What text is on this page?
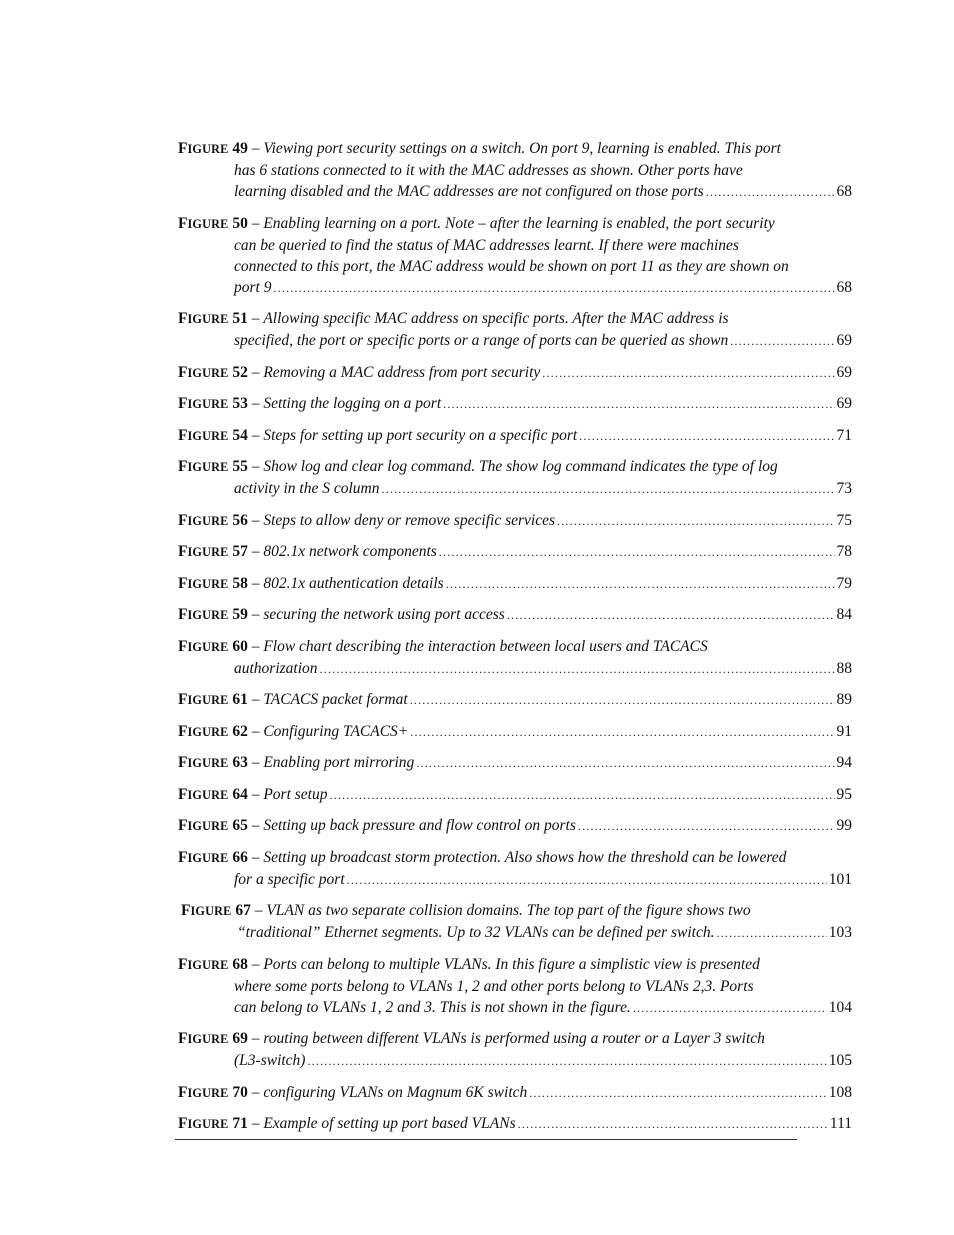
FIGURE 49 – Viewing port security settings on a switch. On port 9, learning is enabled. This port
has 6 stations connected to it with the MAC addresses as shown. Other ports have
learning disabled and the MAC addresses are not configured on those ports .....	68
FIGURE 50 – Enabling learning on a port. Note – after the learning is enabled, the port security
can be queried to find the status of MAC addresses learnt. If there were machines
connected to this port, the MAC address would be shown on port 11 as they are shown on
port 9 .....	68
FIGURE 51 – Allowing specific MAC address on specific ports. After the MAC address is
specified, the port or specific ports or a range of ports can be queried as shown .....	69
FIGURE 52 – Removing a MAC address from port security .....	69
FIGURE 53 – Setting the logging on a port .....	69
FIGURE 54 – Steps for setting up port security on a specific port .....	71
FIGURE 55 – Show log and clear log command. The show log command indicates the type of log
activity in the S column .....	73
FIGURE 56 – Steps to allow deny or remove specific services .....	75
FIGURE 57 – 802.1x network components .....	78
FIGURE 58 – 802.1x authentication details .....	79
FIGURE 59 – securing the network using port access .....	84
FIGURE 60 – Flow chart describing the interaction between local users and TACACS
authorization .....	88
FIGURE 61 – TACACS packet format .....	89
FIGURE 62 – Configuring TACACS+ .....	91
FIGURE 63 – Enabling port mirroring .....	94
FIGURE 64 – Port setup .....	95
FIGURE 65 – Setting up back pressure and flow control on ports .....	99
FIGURE 66 – Setting up broadcast storm protection. Also shows how the threshold can be lowered
for a specific port .....	101
FIGURE 67 – VLAN as two separate collision domains. The top part of the figure shows two
“traditional” Ethernet segments. Up to 32 VLANs can be defined per switch. .....	103
FIGURE 68 – Ports can belong to multiple VLANs. In this figure a simplistic view is presented
where some ports belong to VLANs 1, 2 and other ports belong to VLANs 2,3. Ports
can belong to VLANs 1, 2 and 3. This is not shown in the figure. .....	104
FIGURE 69 – routing between different VLANs is performed using a router or a Layer 3 switch
(L3-switch) .....	105
FIGURE 70 – configuring VLANs on Magnum 6K switch .....	108
FIGURE 71 – Example of setting up port based VLANs .....	111
